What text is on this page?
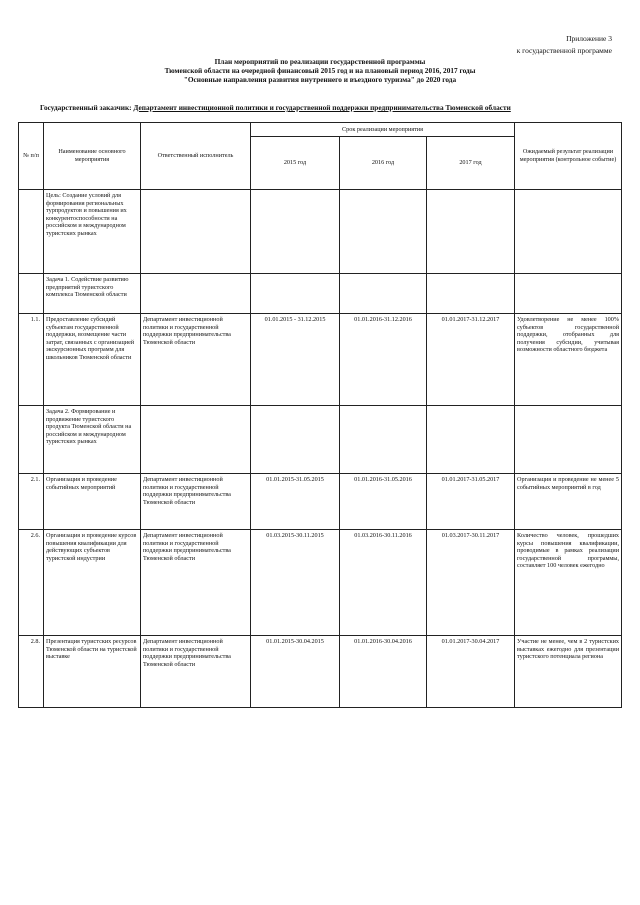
Приложение 3
к государственной программе
План мероприятий по реализации государственной программы
Тюменской области на очередной финансовый 2015 год и на плановый период 2016, 2017 годы
"Основные направления развития внутреннего и въездного туризма" до 2020 года
Государственный заказчик: Департамент инвестиционной политики и государственной поддержки предпринимательства Тюменской области
№ п/п	Наименование основного мероприятия	Ответственный исполнитель	Срок реализации мероприятия			Ожидаемый результат реализации мероприятия (контрольное событие)
			2015 год	2016 год	2017 год	
	Цель: Создание условий для формирования региональных турпродуктов и повышения их конкурентоспособности на российском и международном туристских рынках					
	Задача 1. Содействие развитию предприятий туристского комплекса Тюменской области					
1.1.	Предоставление субсидий субъектам государственной поддержки, возмещение части затрат, связанных с организацией экскурсионных программ для школьников Тюменской области	Департамент инвестиционной политики и государственной поддержки предпринимательства Тюменской области	01.01.2015 - 31.12.2015	01.01.2016-31.12.2016	01.01.2017-31.12.2017	Удовлетворение не менее 100% субъектов государственной поддержки, отобранных для получения субсидии, учитывая возможности областного бюджета
	Задача 2. Формирование и продвижение туристского продукта Тюменской области на российском и международном туристских рынках					
2.1.	Организация и проведение событийных мероприятий	Департамент инвестиционной политики и государственной поддержки предпринимательства Тюменской области	01.01.2015-31.05.2015	01.01.2016-31.05.2016	01.01.2017-31.05.2017	Организация и проведение не менее 5 событийных мероприятий в год
2.6.	Организация и проведение курсов повышения квалификации для действующих субъектов туристской индустрии	Департамент инвестиционной политики и государственной поддержки предпринимательства Тюменской области	01.03.2015-30.11.2015	01.03.2016-30.11.2016	01.03.2017-30.11.2017	Количество человек, прошедших курсы повышения квалификации, проводимые в рамках реализации государственной программы, составляет 100 человек ежегодно
2.8.	Презентация туристских ресурсов Тюменской области на туристской выставке	Департамент инвестиционной политики и государственной поддержки предпринимательства Тюменской области	01.01.2015-30.04.2015	01.01.2016-30.04.2016	01.01.2017-30.04.2017	Участие не менее, чем в 2 туристских выставках ежегодно для презентации туристского потенциала региона
